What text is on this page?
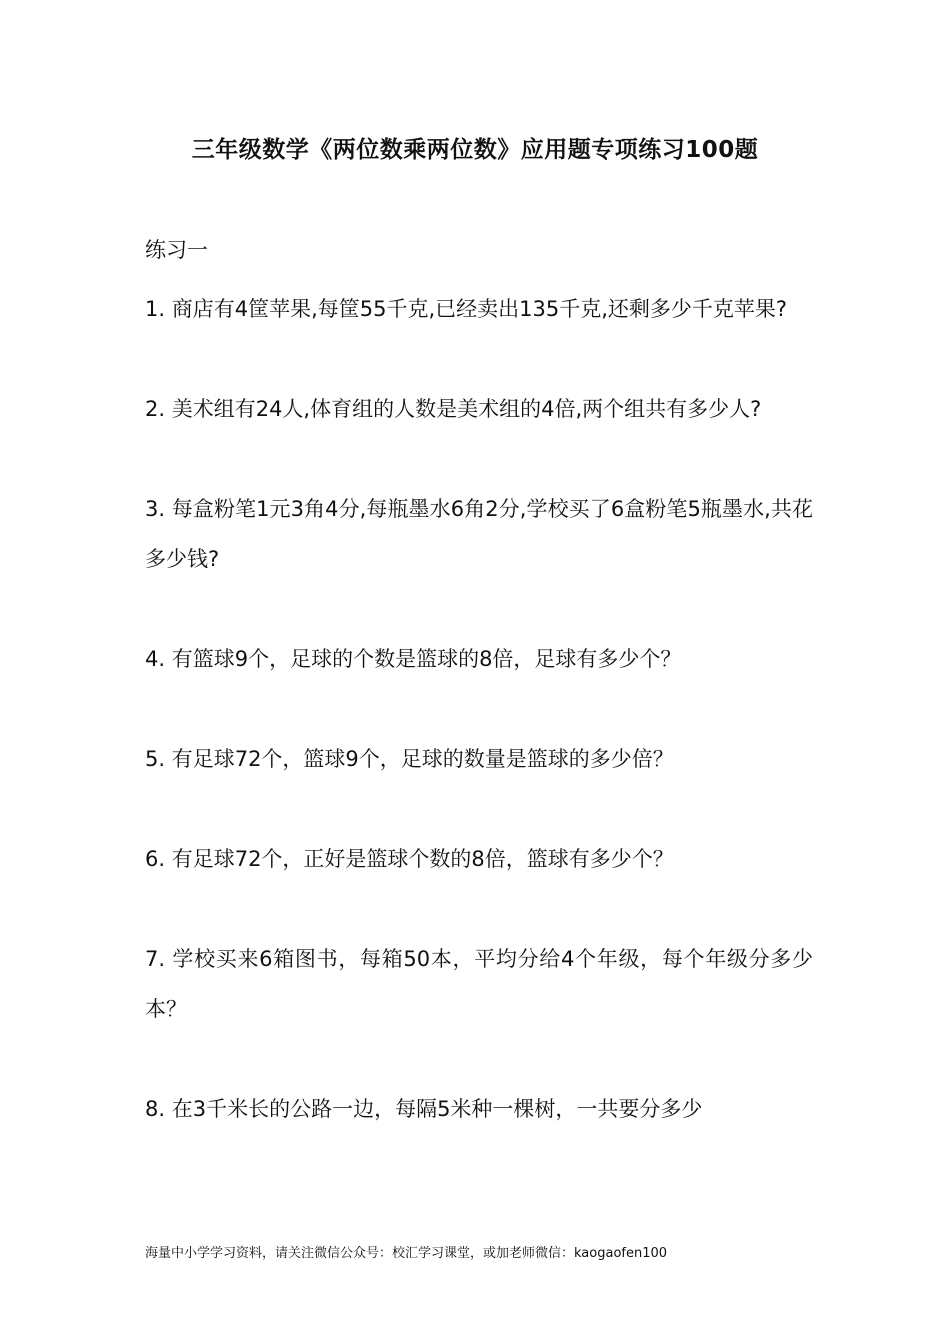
三年级数学《两位数乘两位数》应用题专项练习100题
练习一

1. 商店有4筐苹果,每筐55千克,已经卖出135千克,还剩多少千克苹果?

2. 美术组有24人,体育组的人数是美术组的4倍,两个组共有多少人?

3. 每盒粉笔1元3角4分,每瓶墨水6角2分,学校买了6盒粉笔5瓶墨水,共花多少钱?

4. 有篮球9个，足球的个数是篮球的8倍，足球有多少个？

5. 有足球72个，篮球9个，足球的数量是篮球的多少倍？

6. 有足球72个，正好是篮球个数的8倍，篮球有多少个？

7. 学校买来6箱图书，每箱50本，平均分给4个年级，每个年级分多少本？

8. 在3千米长的公路一边，每隔5米种一棵树，一共要分多少

海量中小学学习资料，请关注微信公众号：校汇学习课堂，或加老师微信：kaogaofen100
